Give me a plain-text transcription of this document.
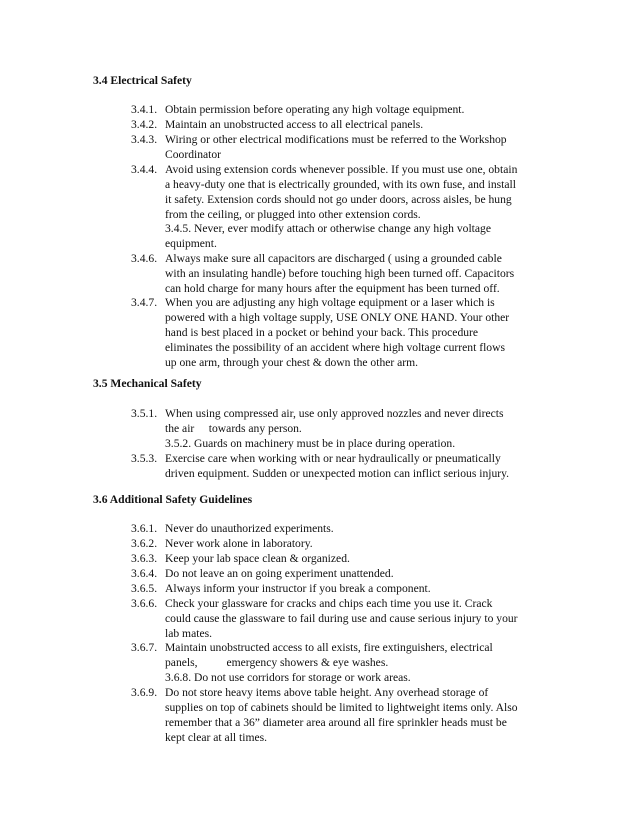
3.4 Electrical Safety
3.4.1. Obtain permission before operating any high voltage equipment.
3.4.2. Maintain an unobstructed access to all electrical panels.
3.4.3. Wiring or other electrical modifications must be referred to the Workshop
Coordinator
3.4.4. Avoid using extension cords whenever possible. If you must use one, obtain
a heavy-duty one that is electrically grounded, with its own fuse, and install
it safety. Extension cords should not go under doors, across aisles, be hung
from the ceiling, or plugged into other extension cords.
3.4.5. Never, ever modify attach or otherwise change any high voltage
equipment.
3.4.6. Always make sure all capacitors are discharged ( using a grounded cable
with an insulating handle) before touching high been turned off. Capacitors
can hold charge for many hours after the equipment has been turned off.
3.4.7. When you are adjusting any high voltage equipment or a laser which is
powered with a high voltage supply, USE ONLY ONE HAND. Your other
hand is best placed in a pocket or behind your back. This procedure
eliminates the possibility of an accident where high voltage current flows
up one arm, through your chest & down the other arm.
3.5 Mechanical Safety
3.5.1. When using compressed air, use only approved nozzles and never directs
the air     towards any person.
3.5.2. Guards on machinery must be in place during operation.
3.5.3. Exercise care when working with or near hydraulically or pneumatically
driven equipment. Sudden or unexpected motion can inflict serious injury.
3.6 Additional Safety Guidelines
3.6.1. Never do unauthorized experiments.
3.6.2. Never work alone in laboratory.
3.6.3. Keep your lab space clean & organized.
3.6.4. Do not leave an on going experiment unattended.
3.6.5. Always inform your instructor if you break a component.
3.6.6. Check your glassware for cracks and chips each time you use it. Crack
could cause the glassware to fail during use and cause serious injury to your
lab mates.
3.6.7. Maintain unobstructed access to all exists, fire extinguishers, electrical
panels,          emergency showers & eye washes.
3.6.8. Do not use corridors for storage or work areas.
3.6.9. Do not store heavy items above table height. Any overhead storage of
supplies on top of cabinets should be limited to lightweight items only. Also
remember that a 36” diameter area around all fire sprinkler heads must be
kept clear at all times.
